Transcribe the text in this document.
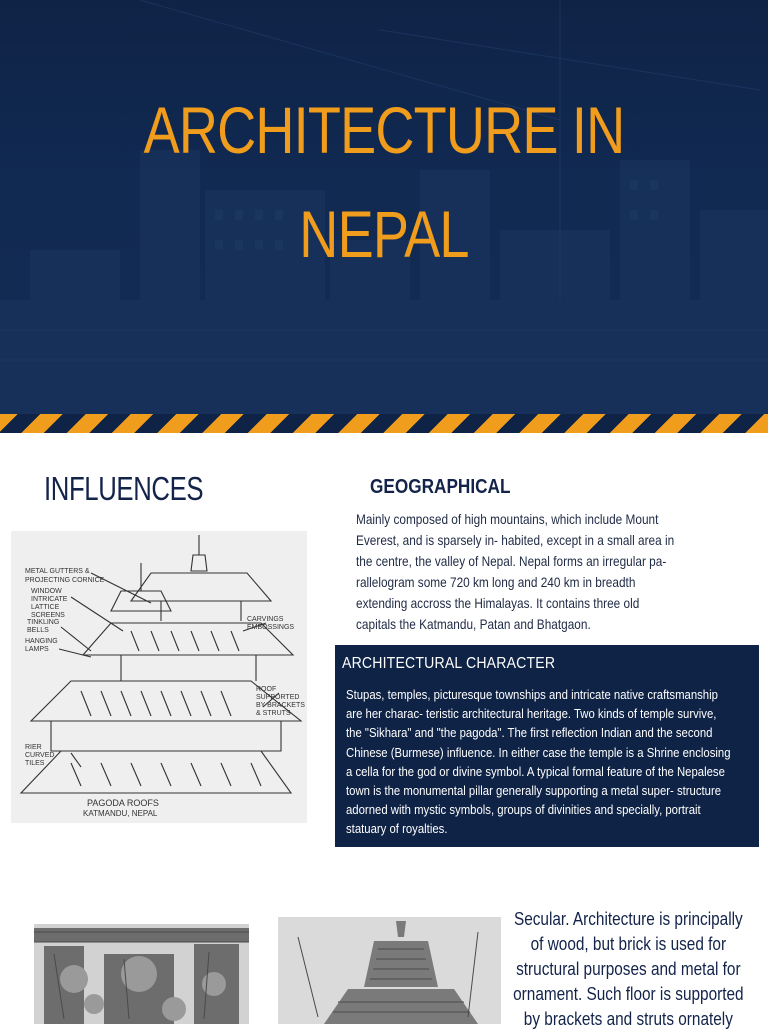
ARCHITECTURE IN
NEPAL
INFLUENCES	GEOGRAPHICAL
Mainly composed of high mountains, which include Mount
Everest, and is sparsely in- habited, except in a small area in
the centre, the valley of Nepal. Nepal forms an irregular pa-
rallelogram some 720 km long and 240 km in breadth
extending accross the Himalayas. It contains three old
capitals the Katmandu, Patan and Bhatgaon.
METAL GUTTERS &
PROJECTING CORNICE
WINDOW
INTRICATE
LATTICE
SCREENS
TINKLING
BELLS
HANGING
LAMPS
CARVINGS
EMBOSSINGS
ROOF
SUPPORTED
BY BRACKETS
& STRUTS
RIER
CURVED
TILES
PAGODA ROOFS
KATMANDU, NEPAL
ARCHITECTURAL CHARACTER
Stupas, temples, picturesque townships and intricate native craftsmanship
are her charac- teristic architectural heritage. Two kinds of temple survive,
the "Sikhara" and "the pagoda". The first reflection Indian and the second
Chinese (Burmese) influence. In either case the temple is a Shrine enclosing
a cella for the god or divine symbol. A typical formal feature of the Nepalese
town is the monumental pillar generally supporting a metal super- structure
adorned with mystic symbols, groups of divinities and specially, portrait
statuary of royalties.
Secular. Architecture is principally
of wood, but brick is used for
structural purposes and metal for
ornament. Such floor is supported
by brackets and struts ornately
